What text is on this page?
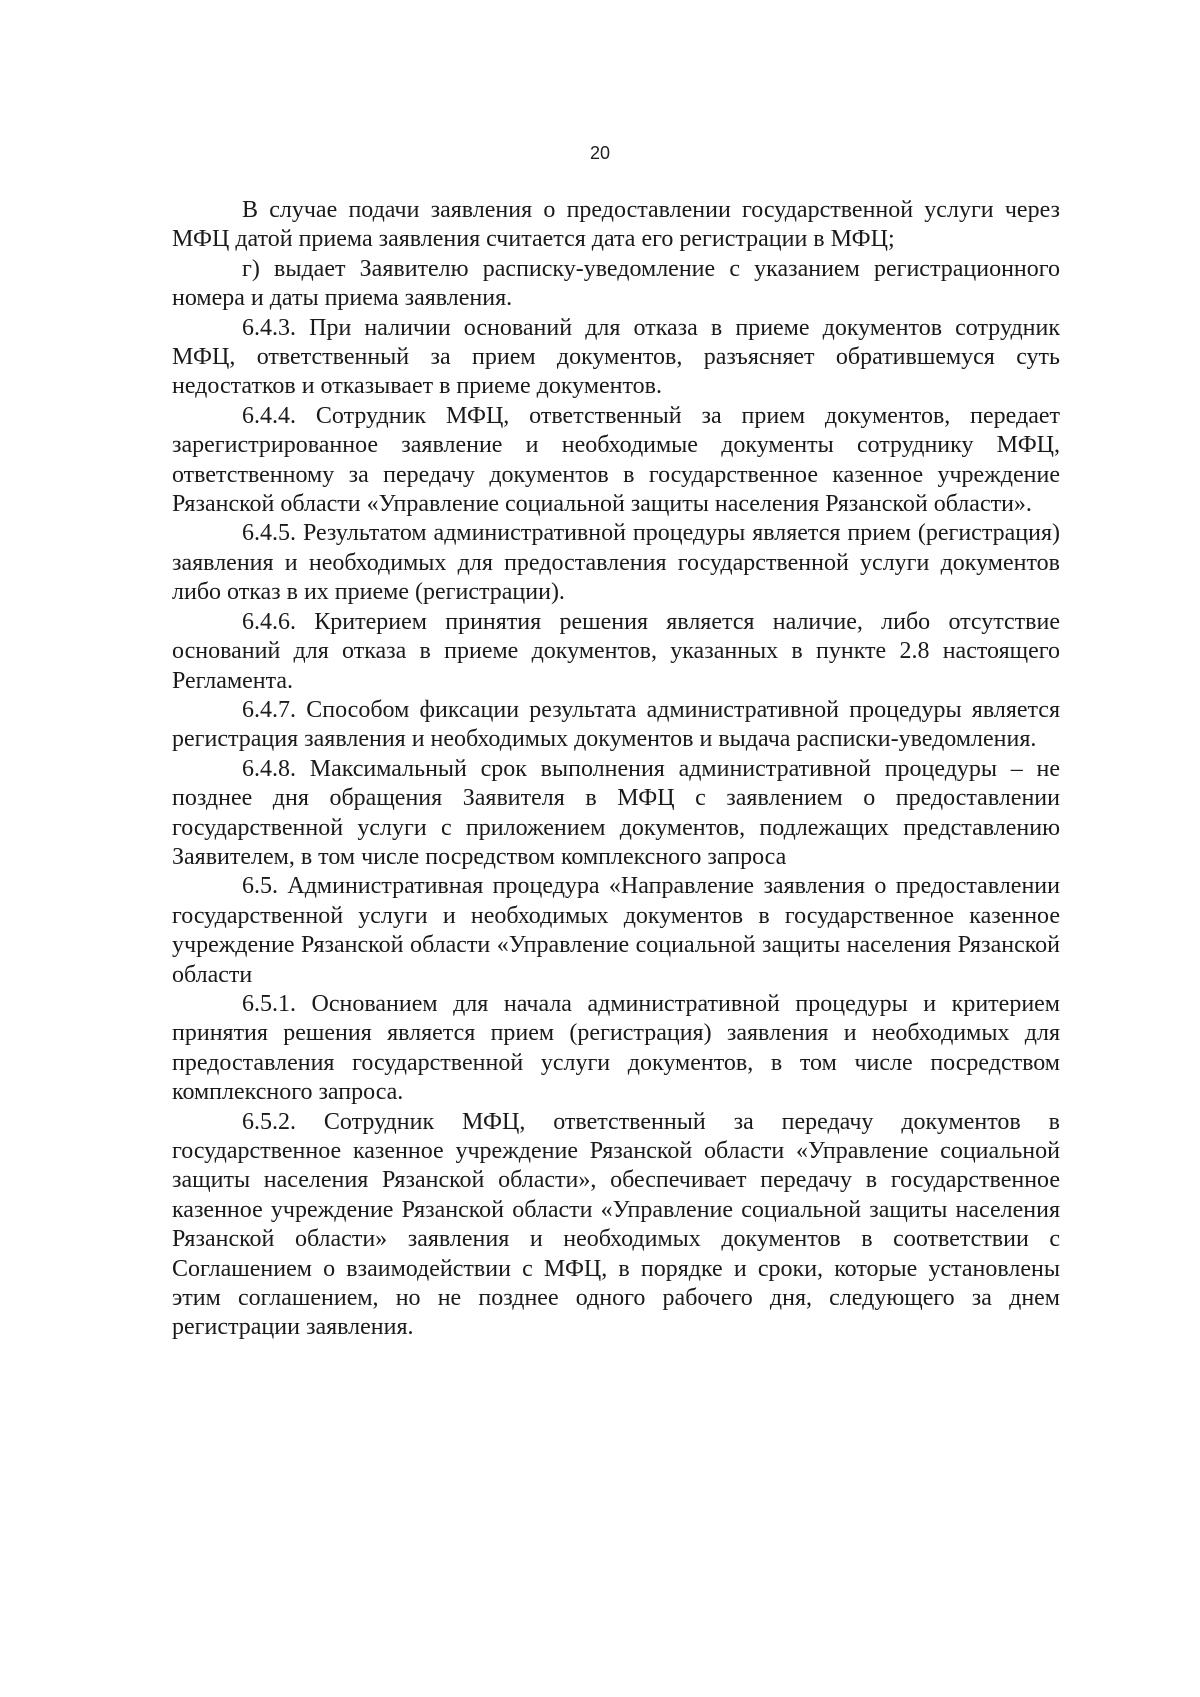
20

В случае подачи заявления о предоставлении государственной услуги через МФЦ датой приема заявления считается дата его регистрации в МФЦ;

г) выдает Заявителю расписку-уведомление с указанием регистрационного номера и даты приема заявления.

6.4.3. При наличии оснований для отказа в приеме документов сотрудник МФЦ, ответственный за прием документов, разъясняет обратившемуся суть недостатков и отказывает в приеме документов.

6.4.4. Сотрудник МФЦ, ответственный за прием документов, передает зарегистрированное заявление и необходимые документы сотруднику МФЦ, ответственному за передачу документов в государственное казенное учреждение Рязанской области «Управление социальной защиты населения Рязанской области».

6.4.5. Результатом административной процедуры является прием (регистрация) заявления и необходимых для предоставления государственной услуги документов либо отказ в их приеме (регистрации).

6.4.6. Критерием принятия решения является наличие, либо отсутствие оснований для отказа в приеме документов, указанных в пункте 2.8 настоящего Регламента.

6.4.7. Способом фиксации результата административной процедуры является регистрация заявления и необходимых документов и выдача расписки-уведомления.

6.4.8. Максимальный срок выполнения административной процедуры – не позднее дня обращения Заявителя в МФЦ с заявлением о предоставлении государственной услуги с приложением документов, подлежащих представлению Заявителем, в том числе посредством комплексного запроса

6.5. Административная процедура «Направление заявления о предоставлении государственной услуги и необходимых документов в государственное казенное учреждение Рязанской области «Управление социальной защиты населения Рязанской области

6.5.1. Основанием для начала административной процедуры и критерием принятия решения является прием (регистрация) заявления и необходимых для предоставления государственной услуги документов, в том числе посредством комплексного запроса.

6.5.2. Сотрудник МФЦ, ответственный за передачу документов в государственное казенное учреждение Рязанской области «Управление социальной защиты населения Рязанской области», обеспечивает передачу в государственное казенное учреждение Рязанской области «Управление социальной защиты населения Рязанской области» заявления и необходимых документов в соответствии с Соглашением о взаимодействии с МФЦ, в порядке и сроки, которые установлены этим соглашением, но не позднее одного рабочего дня, следующего за днем регистрации заявления.
